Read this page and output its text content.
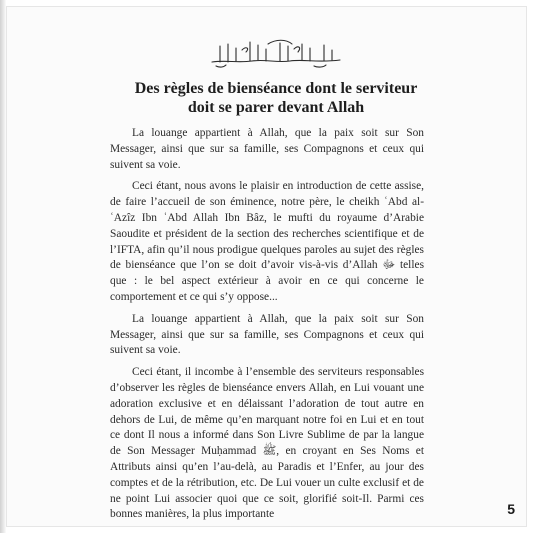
بسم الله الرحمن الرحيم
Des règles de bienséance dont le serviteur doit se parer devant Allah

La louange appartient à Allah, que la paix soit sur Son Messager, ainsi que sur sa famille, ses Compagnons et ceux qui suivent sa voie.

Ceci étant, nous avons le plaisir en introduction de cette assise, de faire l’accueil de son éminence, notre père, le cheikh ʿAbd al-ʿAzîz Ibn ʿAbd Allah Ibn Bâz, le mufti du royaume d’Arabie Saoudite et président de la section des recherches scientifique et de l’IFTA, afin qu’il nous prodigue quelques paroles au sujet des règles de bienséance que l’on se doit d’avoir vis-à-vis d’Allah ﷻ telles que : le bel aspect extérieur à avoir en ce qui concerne le comportement et ce qui s’y oppose...

La louange appartient à Allah, que la paix soit sur Son Messager, ainsi que sur sa famille, ses Compagnons et ceux qui suivent sa voie.

Ceci étant, il incombe à l’ensemble des serviteurs responsables d’observer les règles de bienséance envers Allah, en Lui vouant une adoration exclusive et en délaissant l’adoration de tout autre en dehors de Lui, de même qu’en marquant notre foi en Lui et en tout ce dont Il nous a informé dans Son Livre Sublime de par la langue de Son Messager Muḥammad ﷺ, en croyant en Ses Noms et Attributs ainsi qu’en l’au-delà, au Paradis et l’Enfer, au jour des comptes et de la rétribution, etc. De Lui vouer un culte exclusif et de ne point Lui associer quoi que ce soit, glorifié soit-Il. Parmi ces bonnes manières, la plus importante	5
